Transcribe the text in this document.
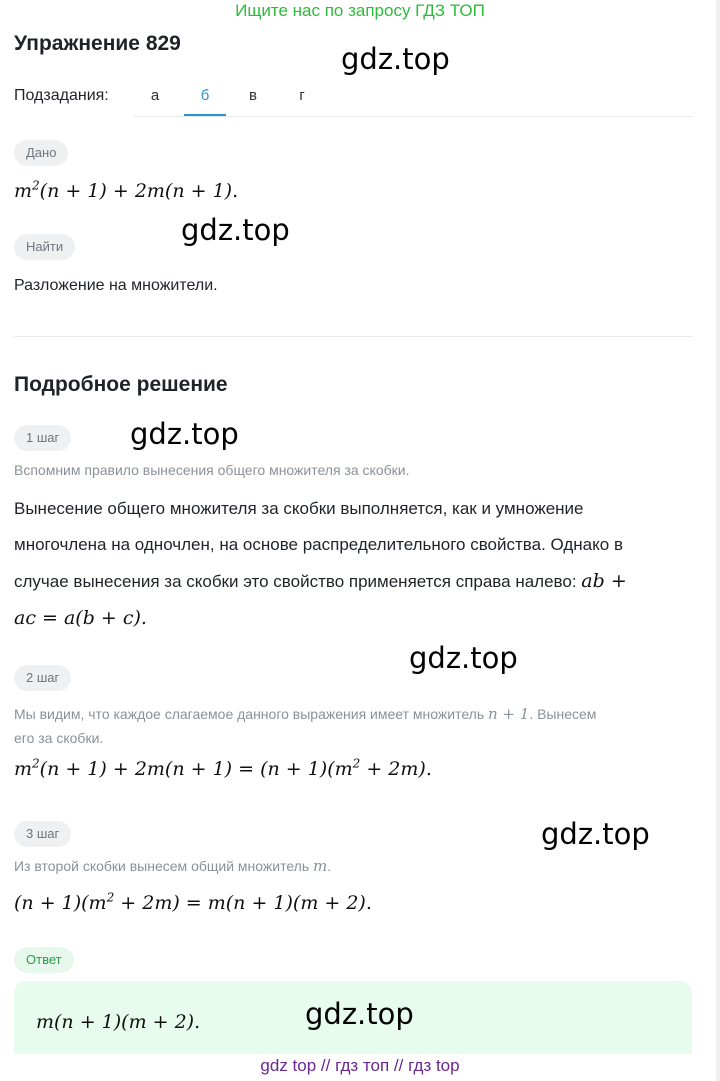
Ищите нас по запросу ГДЗ ТОП
Упражнение 829
Подзадания:	а	б	в	г
Дано
$m^2(n + 1) + 2m(n + 1)$.
Найти
Разложение на множители.
Подробное решение
1 шаг
Вспомним правило вынесения общего множителя за скобки.
Вынесение общего множителя за скобки выполняется, как и умножение
многочлена на одночлен, на основе распределительного свойства. Однако в
случае вынесения за скобки это свойство применяется справа налево: ab +
ac = a(b + c).
2 шаг
Мы видим, что каждое слагаемое данного выражения имеет множитель n + 1. Вынесем
его за скобки.
$m^2(n + 1) + 2m(n + 1) = (n + 1)(m^2 + 2m)$.
3 шаг
Из второй скобки вынесем общий множитель m.
$(n + 1)(m^2 + 2m) = m(n + 1)(m + 2)$.
Ответ
m(n + 1)(m + 2).
gdz.top
gdz.top
gdz.top
gdz.top
gdz.top
gdz.top
gdz top // гдз топ // гдз top
